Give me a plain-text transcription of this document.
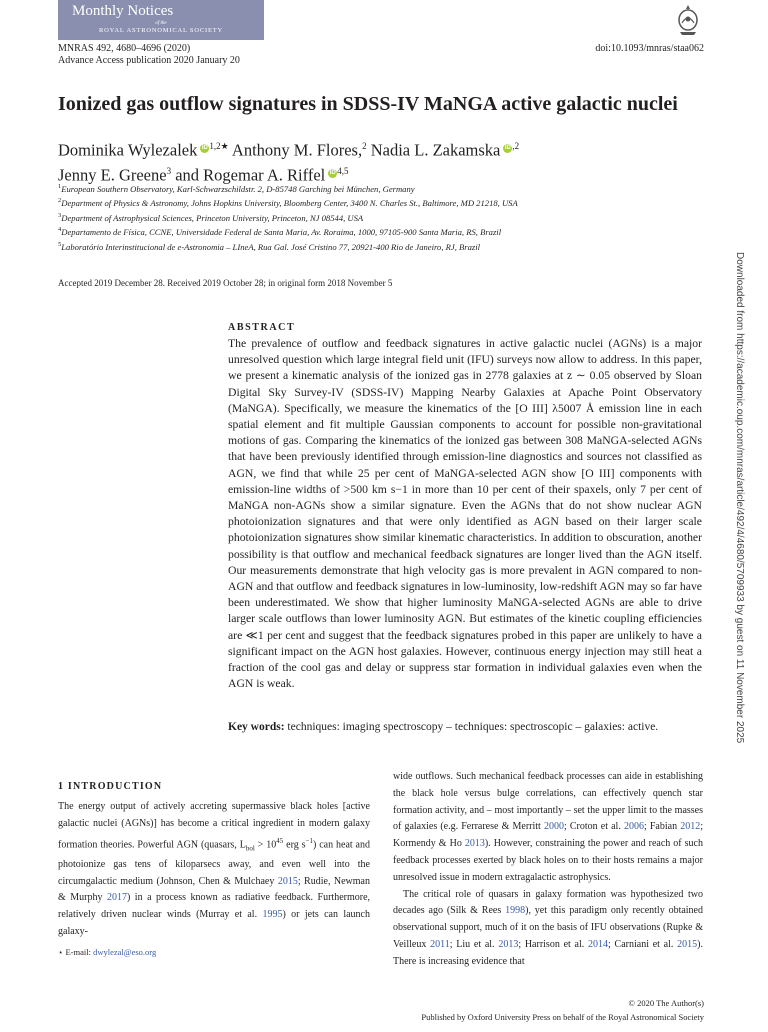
Monthly Notices
of the
ROYAL ASTRONOMICAL SOCIETY
MNRAS 492, 4680–4696 (2020)
Advance Access publication 2020 January 20
doi:10.1093/mnras/staa062
Ionized gas outflow signatures in SDSS-IV MaNGA active galactic nuclei
Dominika Wylezalek iD $^{1,2★}$ Anthony M. Flores,$^2$ Nadia L. Zakamska iD $^{,2}$
Jenny E. Greene$^3$ and Rogemar A. Riffel iD $^{4,5}$
$^1$European Southern Observatory, Karl-Schwarzschildstr. 2, D-85748 Garching bei München, Germany
$^2$Department of Physics & Astronomy, Johns Hopkins University, Bloomberg Center, 3400 N. Charles St., Baltimore, MD 21218, USA
$^3$Department of Astrophysical Sciences, Princeton University, Princeton, NJ 08544, USA
$^4$Departamento de Física, CCNE, Universidade Federal de Santa Maria, Av. Roraima, 1000, 97105-900 Santa Maria, RS, Brazil
$^5$Laboratório Interinstitucional de e-Astronomia – LIneA, Rua Gal. José Cristino 77, 20921-400 Rio de Janeiro, RJ, Brazil
Accepted 2019 December 28. Received 2019 October 28; in original form 2018 November 5
ABSTRACT
The prevalence of outflow and feedback signatures in active galactic nuclei (AGNs) is a major unresolved question which large integral field unit (IFU) surveys now allow to address. In this paper, we present a kinematic analysis of the ionized gas in 2778 galaxies at z ∼ 0.05 observed by Sloan Digital Sky Survey-IV (SDSS-IV) Mapping Nearby Galaxies at Apache Point Observatory (MaNGA). Specifically, we measure the kinematics of the [O III] λ5007 Å emission line in each spatial element and fit multiple Gaussian components to account for possible non-gravitational motions of gas. Comparing the kinematics of the ionized gas between 308 MaNGA-selected AGNs that have been previously identified through emission-line diagnostics and sources not classified as AGN, we find that while 25 per cent of MaNGA-selected AGN show [O III] components with emission-line widths of >500 km s−1 in more than 10 per cent of their spaxels, only 7 per cent of MaNGA non-AGNs show a similar signature. Even the AGNs that do not show nuclear AGN photoionization signatures and that were only identified as AGN based on their larger scale photoionization signatures show similar kinematic characteristics. In addition to obscuration, another possibility is that outflow and mechanical feedback signatures are longer lived than the AGN itself. Our measurements demonstrate that high velocity gas is more prevalent in AGN compared to non-AGN and that outflow and feedback signatures in low-luminosity, low-redshift AGN may so far have been underestimated. We show that higher luminosity MaNGA-selected AGNs are able to drive larger scale outflows than lower luminosity AGN. But estimates of the kinetic coupling efficiencies are ≪1 per cent and suggest that the feedback signatures probed in this paper are unlikely to have a significant impact on the AGN host galaxies. However, continuous energy injection may still heat a fraction of the cool gas and delay or suppress star formation in individual galaxies even when the AGN is weak.
Key words: techniques: imaging spectroscopy – techniques: spectroscopic – galaxies: active.
1 INTRODUCTION

The energy output of actively accreting supermassive black holes [active galactic nuclei (AGNs)] has become a critical ingredient in modern galaxy formation theories. Powerful AGN (quasars, $L_{bol} > 10^{45}$ erg $s^{-1}$) can heat and photoionize gas tens of kiloparsecs away, and even well into the circumgalactic medium (Johnson, Chen & Mulchaey 2015; Rudie, Newman & Murphy 2017) in a process known as radiative feedback. Furthermore, relatively driven nuclear winds (Murray et al. 1995) or jets can launch galaxy-

wide outflows. Such mechanical feedback processes can aide in establishing the black hole versus bulge correlations, can effectively quench star formation activity, and – most importantly – set the upper limit to the masses of galaxies (e.g. Ferrarese & Merritt 2000; Croton et al. 2006; Fabian 2012; Kormendy & Ho 2013). However, constraining the power and reach of such feedback processes exerted by black holes on to their hosts remains a major unresolved issue in modern extragalactic astrophysics.

The critical role of quasars in galaxy formation was hypothesized two decades ago (Silk & Rees 1998), yet this paradigm only recently obtained observational support, much of it on the basis of IFU observations (Rupke & Veilleux 2011; Liu et al. 2013; Harrison et al. 2014; Carniani et al. 2015). There is increasing evidence that

⋆ E-mail: dwylezal@eso.org
© 2020 The Author(s)
Published by Oxford University Press on behalf of the Royal Astronomical Society
Downloaded from https://academic.oup.com/mnras/article/492/4/4680/5709933 by guest on 11 November 2025
